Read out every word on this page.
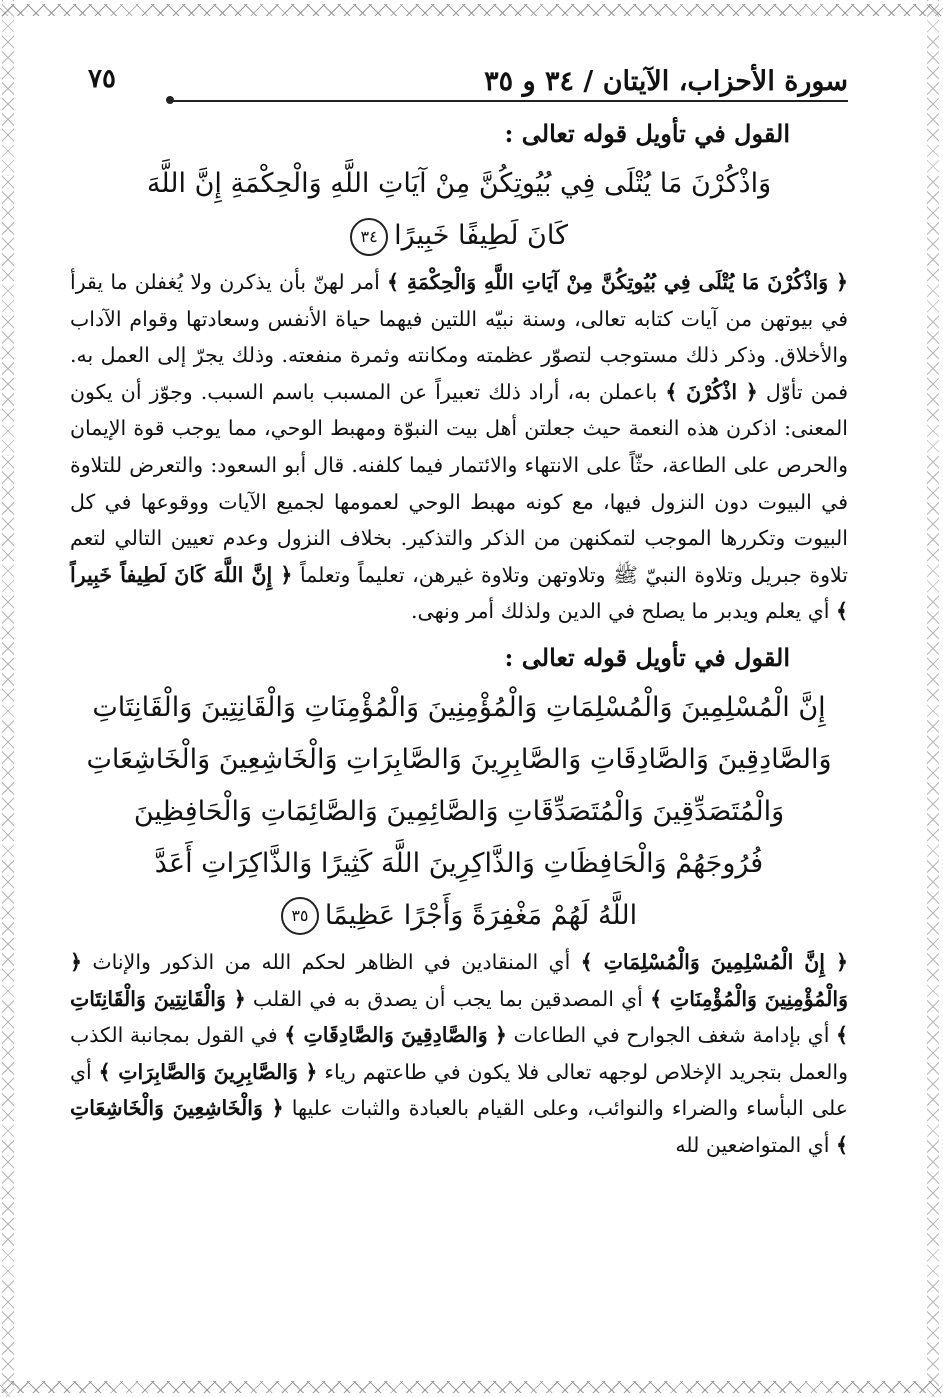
سورة الأحزاب، الآيتان / ٣٤ و ٣٥
٧٥
القول في تأويل قوله تعالى :
وَاذْكُرْنَ مَا يُتْلَى فِي بُيُوتِكُنَّ مِنْ آيَاتِ اللَّهِ وَالْحِكْمَةِ إِنَّ اللَّهَ
كَانَ لَطِيفًا خَبِيرًا٣٤

﴿ وَاذْكُرْنَ مَا يُتْلَى فِي بُيُوتِكُنَّ مِنْ آيَاتِ اللَّهِ وَالْحِكْمَةِ ﴾ أمر لهنّ بأن يذكرن ولا يُغفلن ما يقرأ في بيوتهن من آيات كتابه تعالى، وسنة نبيّه اللتين فيهما حياة الأنفس وسعادتها وقوام الآداب والأخلاق. وذكر ذلك مستوجب لتصوّر عظمته ومكانته وثمرة منفعته. وذلك يجرّ إلى العمل به. فمن تأوّل ﴿ اذْكُرْنَ ﴾ باعملن به، أراد ذلك تعبيراً عن المسبب باسم السبب. وجوّز أن يكون المعنى: اذكرن هذه النعمة حيث جعلتن أهل بيت النبوّة ومهبط الوحي، مما يوجب قوة الإيمان والحرص على الطاعة، حثّاً على الانتهاء والائتمار فيما كلفنه. قال أبو السعود: والتعرض للتلاوة في البيوت دون النزول فيها، مع كونه مهبط الوحي لعمومها لجميع الآيات ووقوعها في كل البيوت وتكررها الموجب لتمكنهن من الذكر والتذكير. بخلاف النزول وعدم تعيين التالي لتعم تلاوة جبريل وتلاوة النبيّ ﷺ وتلاوتهن وتلاوة غيرهن، تعليماً وتعلماً ﴿ إِنَّ اللَّهَ كَانَ لَطِيفاً خَبِيراً ﴾ أي يعلم ويدبر ما يصلح في الدين ولذلك أمر ونهى.

القول في تأويل قوله تعالى :
إِنَّ الْمُسْلِمِينَ وَالْمُسْلِمَاتِ وَالْمُؤْمِنِينَ وَالْمُؤْمِنَاتِ وَالْقَانِتِينَ وَالْقَانِتَاتِ
وَالصَّادِقِينَ وَالصَّادِقَاتِ وَالصَّابِرِينَ وَالصَّابِرَاتِ وَالْخَاشِعِينَ وَالْخَاشِعَاتِ
وَالْمُتَصَدِّقِينَ وَالْمُتَصَدِّقَاتِ وَالصَّائِمِينَ وَالصَّائِمَاتِ وَالْحَافِظِينَ
فُرُوجَهُمْ وَالْحَافِظَاتِ وَالذَّاكِرِينَ اللَّهَ كَثِيرًا وَالذَّاكِرَاتِ أَعَدَّ
اللَّهُ لَهُمْ مَغْفِرَةً وَأَجْرًا عَظِيمًا٣٥

﴿ إِنَّ الْمُسْلِمِينَ وَالْمُسْلِمَاتِ ﴾ أي المنقادين في الظاهر لحكم الله من الذكور والإناث ﴿ وَالْمُؤْمِنِينَ وَالْمُؤْمِنَاتِ ﴾ أي المصدقين بما يجب أن يصدق به في القلب ﴿ وَالْقَانِتِينَ وَالْقَانِتَاتِ ﴾ أي بإدامة شغف الجوارح في الطاعات ﴿ وَالصَّادِقِينَ وَالصَّادِقَاتِ ﴾ في القول بمجانبة الكذب والعمل بتجريد الإخلاص لوجهه تعالى فلا يكون في طاعتهم رياء ﴿ وَالصَّابِرِينَ وَالصَّابِرَاتِ ﴾ أي على البأساء والضراء والنوائب، وعلى القيام بالعبادة والثبات عليها ﴿ وَالْخَاشِعِينَ وَالْخَاشِعَاتِ ﴾ أي المتواضعين لله
